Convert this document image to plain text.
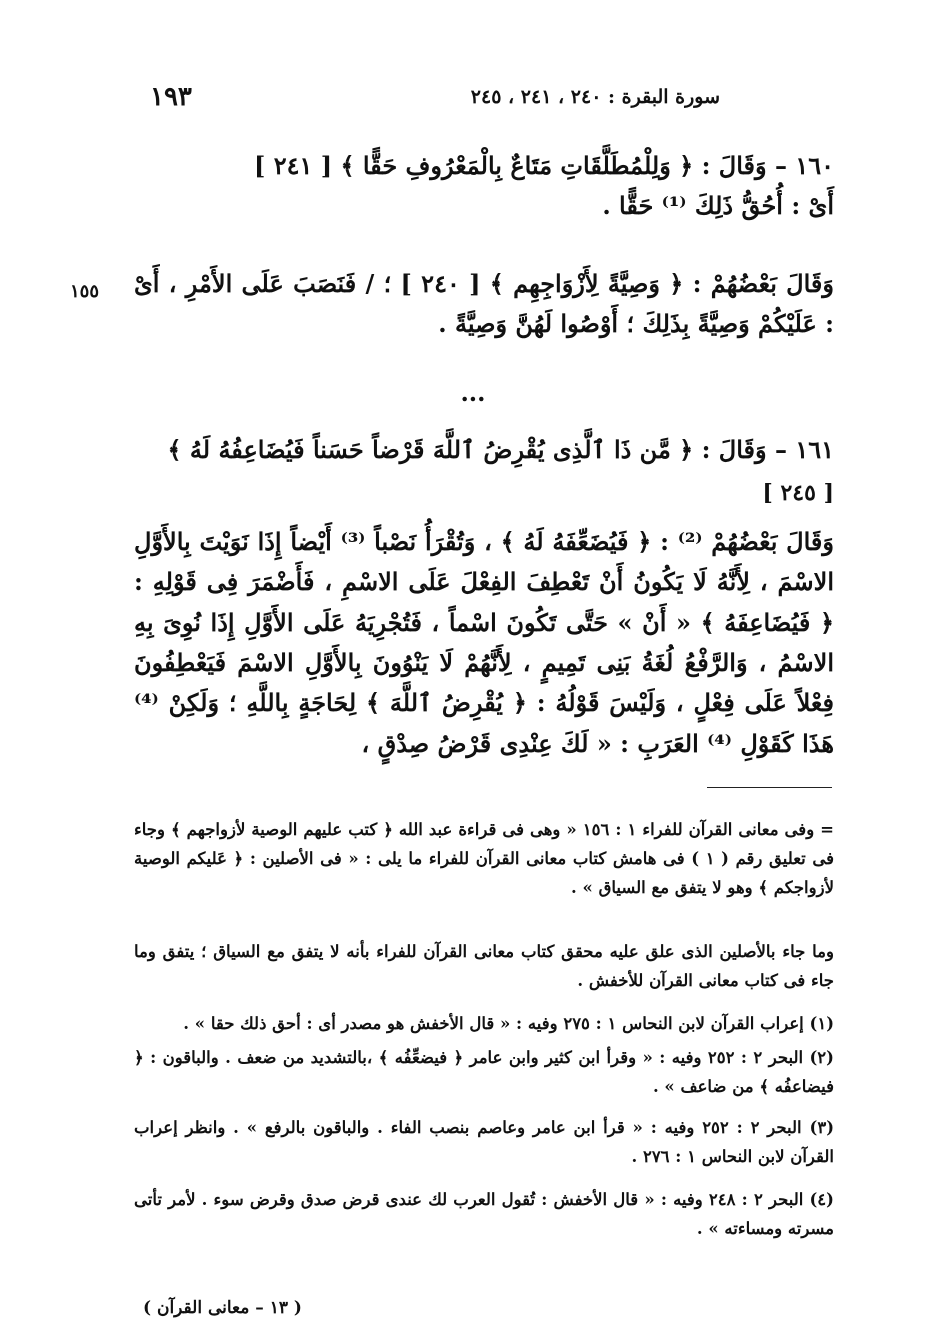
سورة البقرة : ٢٤٠ ، ٢٤١ ، ٢٤٥
١٩٣

١٦٠ – وَقَالَ : ﴿ وَلِلْمُطَلَّقَاتِ مَتَاعٌ بِالْمَعْرُوفِ حَقًّا ﴾ [ ٢٤١ ]

أَىْ : أُحُقُّ ذَلِكَ ⁽¹⁾ حَقًّا .

وَقَالَ بَعْضُهُمْ : ﴿ وَصِيَّةً لِأَزْوَاجِهِم ﴾ [ ٢٤٠ ] ؛ / فَنَصَبَ عَلَى الأَمْرِ ، أَىْ : عَلَيْكُمْ وَصِيَّةً بِذَلِكَ ؛ أَوْصُوا لَهُنَّ وَصِيَّةً .

١٥٥
...

١٦١ – وَقَالَ : ﴿ مَّن ذَا ٱلَّذِى يُقْرِضُ ٱللَّهَ قَرْضاً حَسَناً فَيُضَاعِفُهُ لَهُ ﴾

[ ٢٤٥ ]

وَقَالَ بَعْضُهُمْ ⁽²⁾ : ﴿ فَيُضَعِّفَهُ لَهُ ﴾ ، وَتُقْرَأُ نَصْباً ⁽³⁾ أَيْضاً إِذَا نَوَيْتَ بِالأَوَّلِ الاسْمَ ، لِأَنَّهُ لَا يَكُونُ أَنْ تَعْطِفَ الفِعْلَ عَلَى الاسْمِ ، فَأَضْمَرَ فِى قَوْلِهِ : ﴿ فَيُضَاعِفَهُ ﴾ « أَنْ » حَتَّى تَكُونَ اسْماً ، فَتُجْرِيَهُ عَلَى الأَوَّلِ إِذَا نُوِىَ بِهِ الاسْمُ ، وَالرَّفْعُ لُغَةُ بَنِى تَمِيمٍ ، لِأَنَّهُمْ لَا يَنْوُونَ بِالأَوَّلِ الاسْمَ فَيَعْطِفُونَ فِعْلاً عَلَى فِعْلٍ ، وَلَيْسَ قَوْلُهُ : ﴿ يُقْرِضُ ٱللَّهَ ﴾ لِحَاجَةٍ بِاللَّهِ ؛ وَلَكِنْ ⁽⁴⁾ هَذَا كَقَوْلِ ⁽⁴⁾ العَرَبِ : « لَكَ عِنْدِى قَرْضُ صِدْقٍ ،

= وفى معانى القرآن للفراء ١ : ١٥٦ « وهى فى قراءة عبد الله ﴿ كتب عليهم الوصية لأزواجهم ﴾ وجاء فى تعليق رقم ( ١ ) فى هامش كتاب معانى القرآن للفراء ما يلى : « فى الأصلين : ﴿ عَليكم الوصية لأزواجكم ﴾ وهو لا يتفق مع السياق » .

وما جاء بالأصلين الذى علق عليه محقق كتاب معانى القرآن للفراء بأنه لا يتفق مع السياق ؛ يتفق وما جاء فى كتاب معانى القرآن للأخفش .

(١) إعراب القرآن لابن النحاس ١ : ٢٧٥ وفيه : « قال الأخفش هو مصدر أى : أحق ذلك حقا » .

(٢) البحر ٢ : ٢٥٢ وفيه : « وقرأ ابن كثير وابن عامر ﴿ فيضعِّفُه ﴾ ،بالتشديد من ضعف . والباقون : ﴿ فيضاعفُه ﴾ من ضاعف » .

(٣) البحر ٢ : ٢٥٢ وفيه : « قرأ ابن عامر وعاصم بنصب الفاء . والباقون بالرفع » . وانظر إعراب القرآن لابن النحاس ١ : ٢٧٦ .

(٤) البحر ٢ : ٢٤٨ وفيه : « قال الأخفش : تُقول العرب لك عندى قرض صدق وقرض سوء . لأمر تأتى مسرته ومساءته » .

( ١٣ – معانى القرآن )
